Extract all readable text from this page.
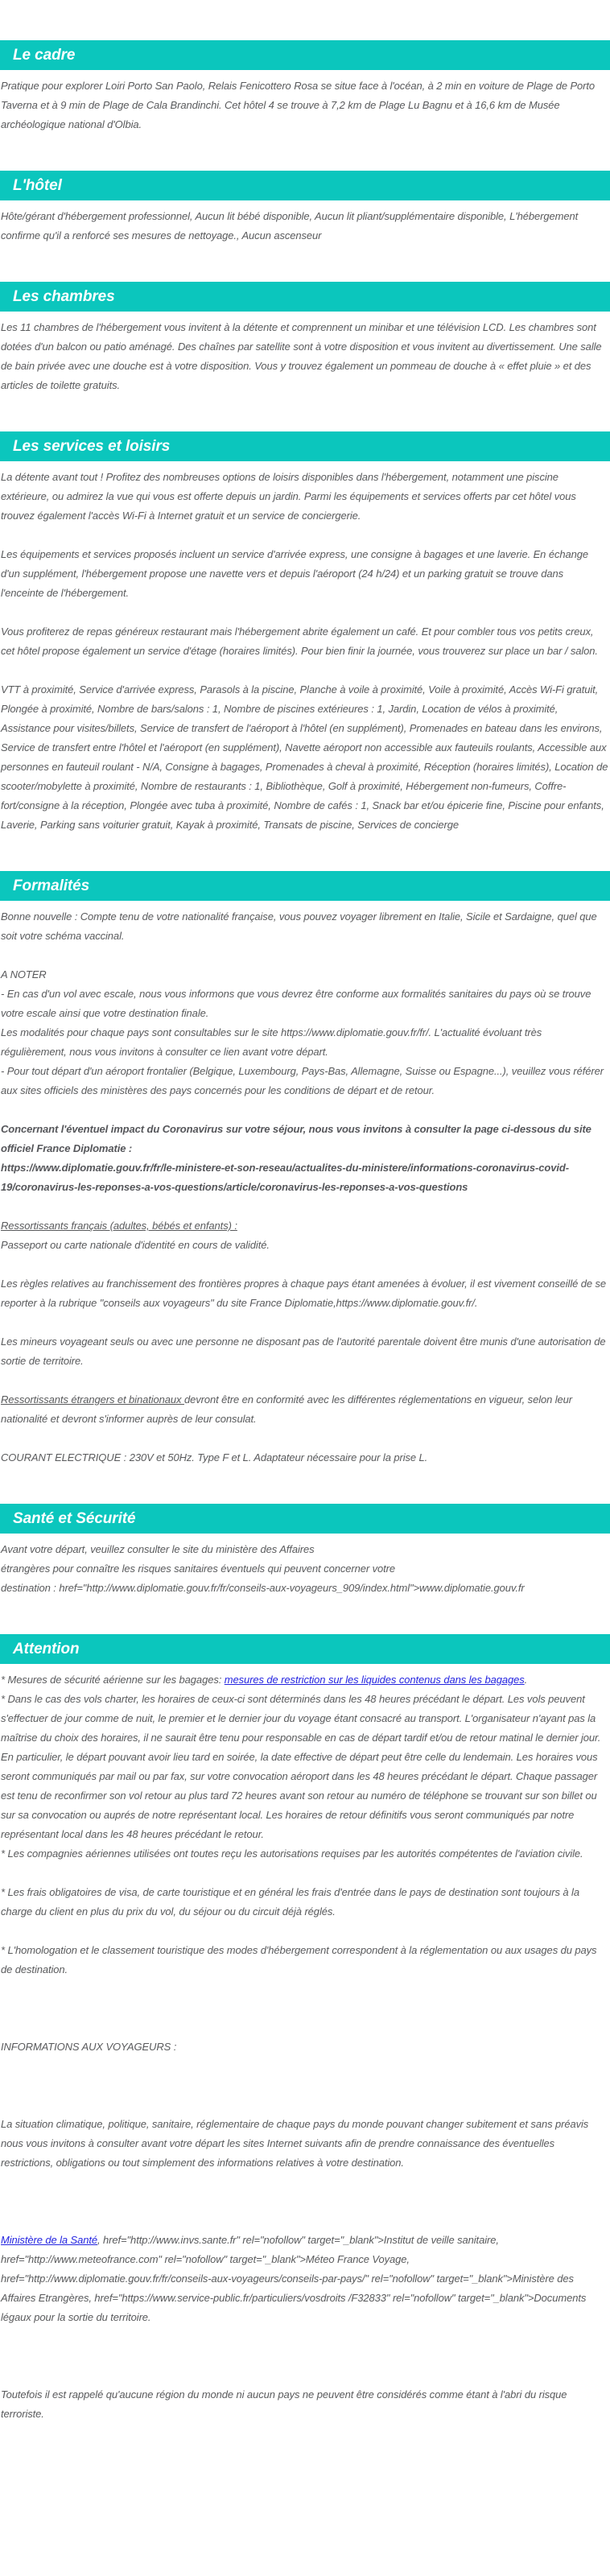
Le cadre

Pratique pour explorer Loiri Porto San Paolo, Relais Fenicottero Rosa se situe face à l'océan, à 2 min en voiture de Plage de Porto Taverna et à 9 min de Plage de Cala Brandinchi. Cet hôtel 4 se trouve à 7,2 km de Plage Lu Bagnu et à 16,6 km de Musée archéologique national d'Olbia.

L'hôtel

Hôte/gérant d'hébergement professionnel, Aucun lit bébé disponible, Aucun lit pliant/supplémentaire disponible, L'hébergement confirme qu'il a renforcé ses mesures de nettoyage., Aucun ascenseur

Les chambres

Les 11 chambres de l'hébergement vous invitent à la détente et comprennent un minibar et une télévision LCD. Les chambres sont dotées d'un balcon ou patio aménagé. Des chaînes par satellite sont à votre disposition et vous invitent au divertissement. Une salle de bain privée avec une douche est à votre disposition. Vous y trouvez également un pommeau de douche à « effet pluie » et des articles de toilette gratuits.

Les services et loisirs

La détente avant tout ! Profitez des nombreuses options de loisirs disponibles dans l'hébergement, notamment une piscine extérieure, ou admirez la vue qui vous est offerte depuis un jardin. Parmi les équipements et services offerts par cet hôtel vous trouvez également l'accès Wi-Fi à Internet gratuit et un service de conciergerie.

Les équipements et services proposés incluent un service d'arrivée express, une consigne à bagages et une laverie. En échange d'un supplément, l'hébergement propose une navette vers et depuis l'aéroport (24 h/24) et un parking gratuit se trouve dans l'enceinte de l'hébergement.

Vous profiterez de repas généreux restaurant mais l'hébergement abrite également un café. Et pour combler tous vos petits creux, cet hôtel propose également un service d'étage (horaires limités). Pour bien finir la journée, vous trouverez sur place un bar / salon.

VTT à proximité, Service d'arrivée express, Parasols à la piscine, Planche à voile à proximité, Voile à proximité, Accès Wi-Fi gratuit, Plongée à proximité, Nombre de bars/salons : 1, Nombre de piscines extérieures : 1, Jardin, Location de vélos à proximité, Assistance pour visites/billets, Service de transfert de l'aéroport à l'hôtel (en supplément), Promenades en bateau dans les environs, Service de transfert entre l'hôtel et l'aéroport (en supplément), Navette aéroport non accessible aux fauteuils roulants, Accessible aux personnes en fauteuil roulant - N/A, Consigne à bagages, Promenades à cheval à proximité, Réception (horaires limités), Location de scooter/mobylette à proximité, Nombre de restaurants : 1, Bibliothèque, Golf à proximité, Hébergement non-fumeurs, Coffre-fort/consigne à la réception, Plongée avec tuba à proximité, Nombre de cafés : 1, Snack bar et/ou épicerie fine, Piscine pour enfants, Laverie, Parking sans voiturier gratuit, Kayak à proximité, Transats de piscine, Services de concierge

Formalités

Bonne nouvelle : Compte tenu de votre nationalité française, vous pouvez voyager librement en Italie, Sicile et Sardaigne, quel que soit votre schéma vaccinal.

A NOTER

- En cas d'un vol avec escale, nous vous informons que vous devrez être conforme aux formalités sanitaires du pays où se trouve votre escale ainsi que votre destination finale.

Les modalités pour chaque pays sont consultables sur le site https://www.diplomatie.gouv.fr/fr/. L'actualité évoluant très régulièrement, nous vous invitons à consulter ce lien avant votre départ.

- Pour tout départ d'un aéroport frontalier (Belgique, Luxembourg, Pays-Bas, Allemagne, Suisse ou Espagne...), veuillez vous référer aux sites officiels des ministères des pays concernés pour les conditions de départ et de retour.

Concernant l'éventuel impact du Coronavirus sur votre séjour, nous vous invitons à consulter la page ci-dessous du site officiel France Diplomatie :

https://www.diplomatie.gouv.fr/fr/le-ministere-et-son-reseau/actualites-du-ministere/informations-coronavirus-covid-19/coronavirus-les-reponses-a-vos-questions/article/coronavirus-les-reponses-a-vos-questions

Ressortissants français (adultes, bébés et enfants) :

Passeport ou carte nationale d'identité en cours de validité.

Les règles relatives au franchissement des frontières propres à chaque pays étant amenées à évoluer, il est vivement conseillé de se reporter à la rubrique "conseils aux voyageurs" du site France Diplomatie,https://www.diplomatie.gouv.fr/.

Les mineurs voyageant seuls ou avec une personne ne disposant pas de l'autorité parentale doivent être munis d'une autorisation de sortie de territoire.

Ressortissants étrangers et binationaux devront être en conformité avec les différentes réglementations en vigueur, selon leur nationalité et devront s'informer auprès de leur consulat.

COURANT ELECTRIQUE : 230V et 50Hz. Type F et L. Adaptateur nécessaire pour la prise L.

Santé et Sécurité

Avant votre départ, veuillez consulter le site du ministère des Affaires

étrangères pour connaître les risques sanitaires éventuels qui peuvent concerner votre

destination : href="http://www.diplomatie.gouv.fr/fr/conseils-aux-voyageurs_909/index.html">www.diplomatie.gouv.fr

Attention

* Mesures de sécurité aérienne sur les bagages: mesures de restriction sur les liquides contenus dans les bagages.

* Dans le cas des vols charter, les horaires de ceux-ci sont déterminés dans les 48 heures précédant le départ. Les vols peuvent s'effectuer de jour comme de nuit, le premier et le dernier jour du voyage étant consacré au transport. L'organisateur n'ayant pas la maîtrise du choix des horaires, il ne saurait être tenu pour responsable en cas de départ tardif et/ou de retour matinal le dernier jour. En particulier, le départ pouvant avoir lieu tard en soirée, la date effective de départ peut être celle du lendemain. Les horaires vous seront communiqués par mail ou par fax, sur votre convocation aéroport dans les 48 heures précédant le départ. Chaque passager est tenu de reconfirmer son vol retour au plus tard 72 heures avant son retour au numéro de téléphone se trouvant sur son billet ou sur sa convocation ou auprés de notre représentant local. Les horaires de retour définitifs vous seront communiqués par notre représentant local dans les 48 heures précédant le retour.

* Les compagnies aériennes utilisées ont toutes reçu les autorisations requises par les autorités compétentes de l'aviation civile.

* Les frais obligatoires de visa, de carte touristique et en général les frais d'entrée dans le pays de destination sont toujours à la charge du client en plus du prix du vol, du séjour ou du circuit déjà réglés.

* L'homologation et le classement touristique des modes d'hébergement correspondent à la réglementation ou aux usages du pays de destination.

INFORMATIONS AUX VOYAGEURS :

La situation climatique, politique, sanitaire, réglementaire de chaque pays du monde pouvant changer subitement et sans préavis

nous vous invitons à consulter avant votre départ les sites Internet suivants afin de prendre connaissance des éventuelles restrictions, obligations ou tout simplement des informations relatives à votre destination.

Ministère de la Santé, href="http://www.invs.sante.fr" rel="nofollow" target="_blank">Institut de veille sanitaire, href="http://www.meteofrance.com" rel="nofollow" target="_blank">Méteo France Voyage, href="http://www.diplomatie.gouv.fr/fr/conseils-aux-voyageurs/conseils-par-pays/" rel="nofollow" target="_blank">Ministère des Affaires Etrangères, href="https://www.service-public.fr/particuliers/vosdroits /F32833" rel="nofollow" target="_blank">Documents légaux pour la sortie du territoire.

Toutefois il est rappelé qu'aucune région du monde ni aucun pays ne peuvent être considérés comme étant à l'abri du risque terroriste.
